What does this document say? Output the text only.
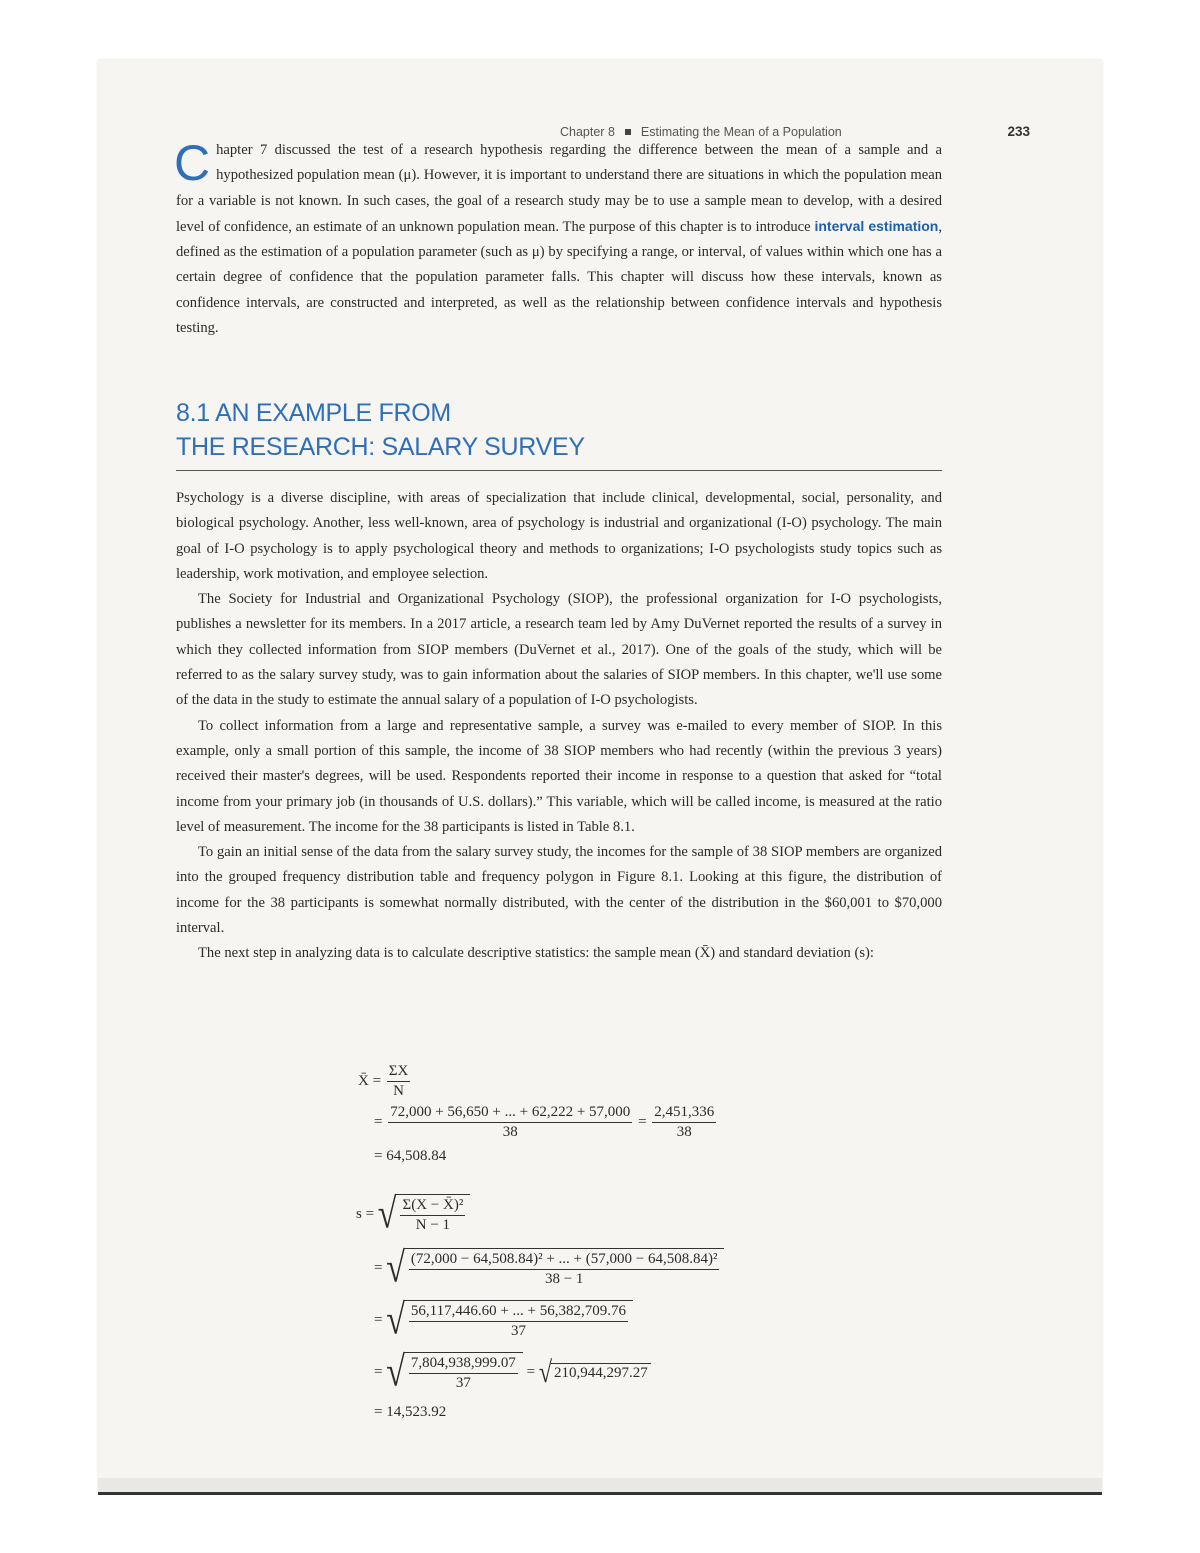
Chapter 8 Estimating the Mean of a Population	233

Chapter 7 discussed the test of a research hypothesis regarding the difference between the mean of a sample and a hypothesized population mean (μ). However, it is important to understand there are situations in which the population mean for a variable is not known. In such cases, the goal of a research study may be to use a sample mean to develop, with a desired level of confidence, an estimate of an unknown population mean. The purpose of this chapter is to introduce interval estimation, defined as the estimation of a population parameter (such as μ) by specifying a range, or interval, of values within which one has a certain degree of confidence that the population parameter falls. This chapter will discuss how these intervals, known as confidence intervals, are constructed and interpreted, as well as the relationship between confidence intervals and hypothesis testing.

8.1 AN EXAMPLE FROM
THE RESEARCH: SALARY SURVEY

Psychology is a diverse discipline, with areas of specialization that include clinical, developmental, social, personality, and biological psychology. Another, less well-known, area of psychology is industrial and organizational (I-O) psychology. The main goal of I-O psychology is to apply psychological theory and methods to organizations; I-O psychologists study topics such as leadership, work motivation, and employee selection.

The Society for Industrial and Organizational Psychology (SIOP), the professional organization for I-O psychologists, publishes a newsletter for its members. In a 2017 article, a research team led by Amy DuVernet reported the results of a survey in which they collected information from SIOP members (DuVernet et al., 2017). One of the goals of the study, which will be referred to as the salary survey study, was to gain information about the salaries of SIOP members. In this chapter, we'll use some of the data in the study to estimate the annual salary of a population of I-O psychologists.

To collect information from a large and representative sample, a survey was e-mailed to every member of SIOP. In this example, only a small portion of this sample, the income of 38 SIOP members who had recently (within the previous 3 years) received their master's degrees, will be used. Respondents reported their income in response to a question that asked for “total income from your primary job (in thousands of U.S. dollars).” This variable, which will be called income, is measured at the ratio level of measurement. The income for the 38 participants is listed in Table 8.1.

To gain an initial sense of the data from the salary survey study, the incomes for the sample of 38 SIOP members are organized into the grouped frequency distribution table and frequency polygon in Figure 8.1. Looking at this figure, the distribution of income for the 38 participants is somewhat normally distributed, with the center of the distribution in the $60,001 to $70,000 interval.

The next step in analyzing data is to calculate descriptive statistics: the sample mean (X̄) and standard deviation (s):

X̄ = $\frac{\Sigma X}{N}$
= $\frac{72,000 + 56,650 + ... + 62,222 + 57,000}{38} = \frac{2,451,336}{38}$
= 64,508.84
s = √ $\frac{\text{Σ(X − X̄)²}}{N - 1}$
= √ $\frac{\text{(72,000 − 64,508.84)² + ... + (57,000 − 64,508.84)²}}{38 - 1}$
= √ $\frac{56,117,446.60 + ... + 56,382,709.76}{37}$
= √ $\frac{7,804,938,999.07}{37}$ = √ 210,944,297.27
= 14,523.92
